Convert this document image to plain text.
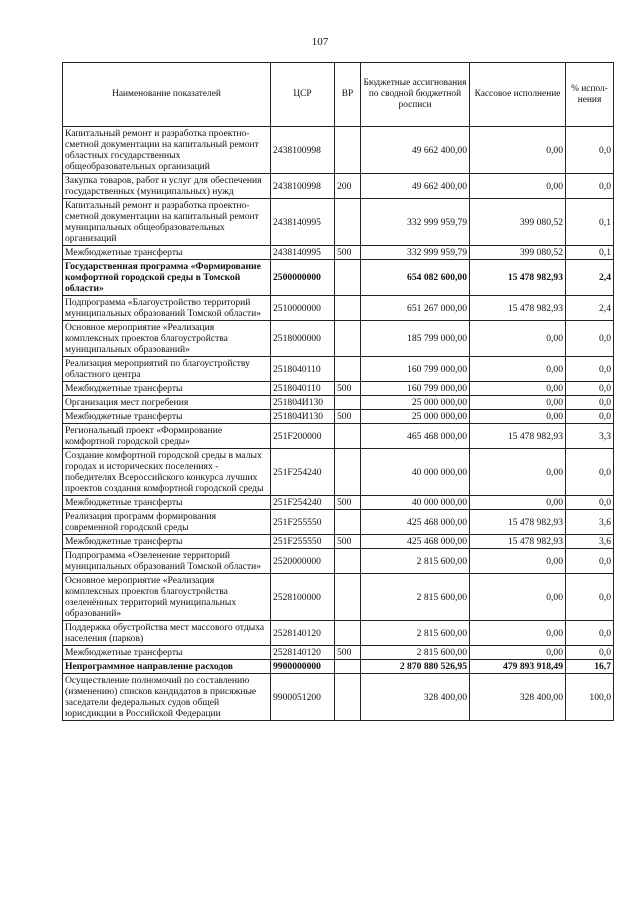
107
Наименование показателей	ЦСР	ВР	Бюджетные ассигнования по сводной бюджетной росписи	Кассовое исполнение	% испол-нения
Капитальный ремонт и разработка проектно-сметной документации на капитальный ремонт областных государственных общеобразовательных организаций	2438100998		49 662 400,00	0,00	0,0
Закупка товаров, работ и услуг для обеспечения государственных (муниципальных) нужд	2438100998	200	49 662 400,00	0,00	0,0
Капитальный ремонт и разработка проектно-сметной документации на капитальный ремонт муниципальных общеобразовательных организаций	2438140995		332 999 959,79	399 080,52	0,1
Межбюджетные трансферты	2438140995	500	332 999 959,79	399 080,52	0,1
Государственная программа «Формирование комфортной городской среды в Томской области»	2500000000		654 082 600,00	15 478 982,93	2,4
Подпрограмма «Благоустройство территорий муниципальных образований Томской области»	2510000000		651 267 000,00	15 478 982,93	2,4
Основное мероприятие «Реализация комплексных проектов благоустройства муниципальных образований»	2518000000		185 799 000,00	0,00	0,0
Реализация мероприятий по благоустройству областного центра	2518040110		160 799 000,00	0,00	0,0
Межбюджетные трансферты	2518040110	500	160 799 000,00	0,00	0,0
Организация мест погребения	251804И130		25 000 000,00	0,00	0,0
Межбюджетные трансферты	251804И130	500	25 000 000,00	0,00	0,0
Региональный проект «Формирование комфортной городской среды»	251F200000		465 468 000,00	15 478 982,93	3,3
Создание комфортной городской среды в малых городах и исторических поселениях - победителях Всероссийского конкурса лучших проектов создания комфортной городской среды	251F254240		40 000 000,00	0,00	0,0
Межбюджетные трансферты	251F254240	500	40 000 000,00	0,00	0,0
Реализация программ формирования современной городской среды	251F255550		425 468 000,00	15 478 982,93	3,6
Межбюджетные трансферты	251F255550	500	425 468 000,00	15 478 982,93	3,6
Подпрограмма «Озеленение территорий муниципальных образований Томской области»	2520000000		2 815 600,00	0,00	0,0
Основное мероприятие «Реализация комплексных проектов благоустройства озеленённых территорий муниципальных образований»	2528100000		2 815 600,00	0,00	0,0
Поддержка обустройства мест массового отдыха населения (парков)	2528140120		2 815 600,00	0,00	0,0
Межбюджетные трансферты	2528140120	500	2 815 600,00	0,00	0,0
Непрограммное направление расходов	9900000000		2 870 880 526,95	479 893 918,49	16,7
Осуществление полномочий по составлению (изменению) списков кандидатов в присяжные заседатели федеральных судов общей юрисдикции в Российской Федерации	9900051200		328 400,00	328 400,00	100,0
